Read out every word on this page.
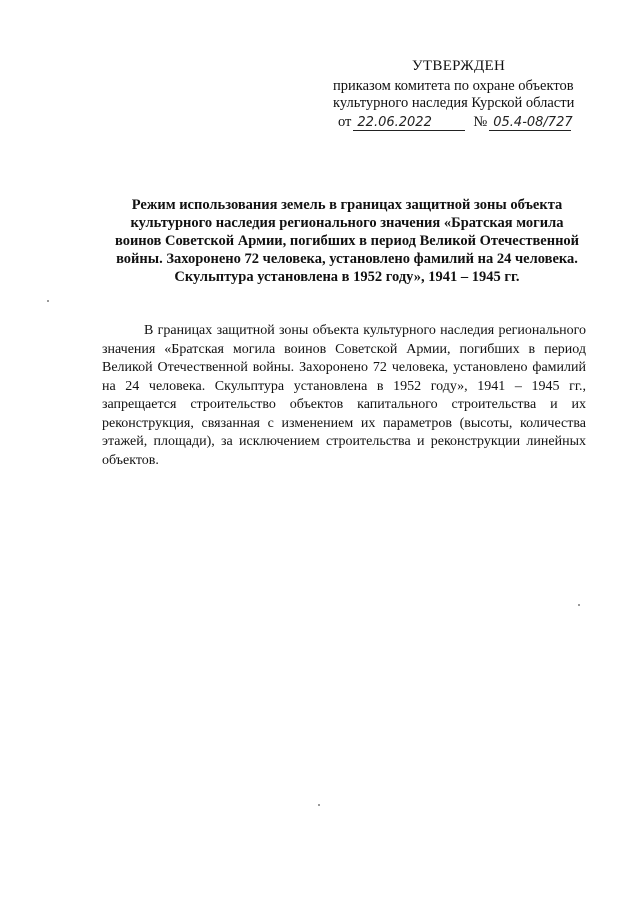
УТВЕРЖДЕН
приказом комитета по охране объектов
культурного наследия Курской области
от 22.06.2022	№ 05.4-08/727
Режим использования земель в границах защитной зоны объекта культурного наследия регионального значения «Братская могила воинов Советской Армии, погибших в период Великой Отечественной войны. Захоронено 72 человека, установлено фамилий на 24 человека. Скульптура установлена в 1952 году», 1941 – 1945 гг.
В границах защитной зоны объекта культурного наследия регионального значения «Братская могила воинов Советской Армии, погибших в период Великой Отечественной войны. Захоронено 72 человека, установлено фамилий на 24 человека. Скульптура установлена в 1952 году», 1941 – 1945 гг., запрещается строительство объектов капитального строительства и их реконструкция, связанная с изменением их параметров (высоты, количества этажей, площади), за исключением строительства и реконструкции линейных объектов.
